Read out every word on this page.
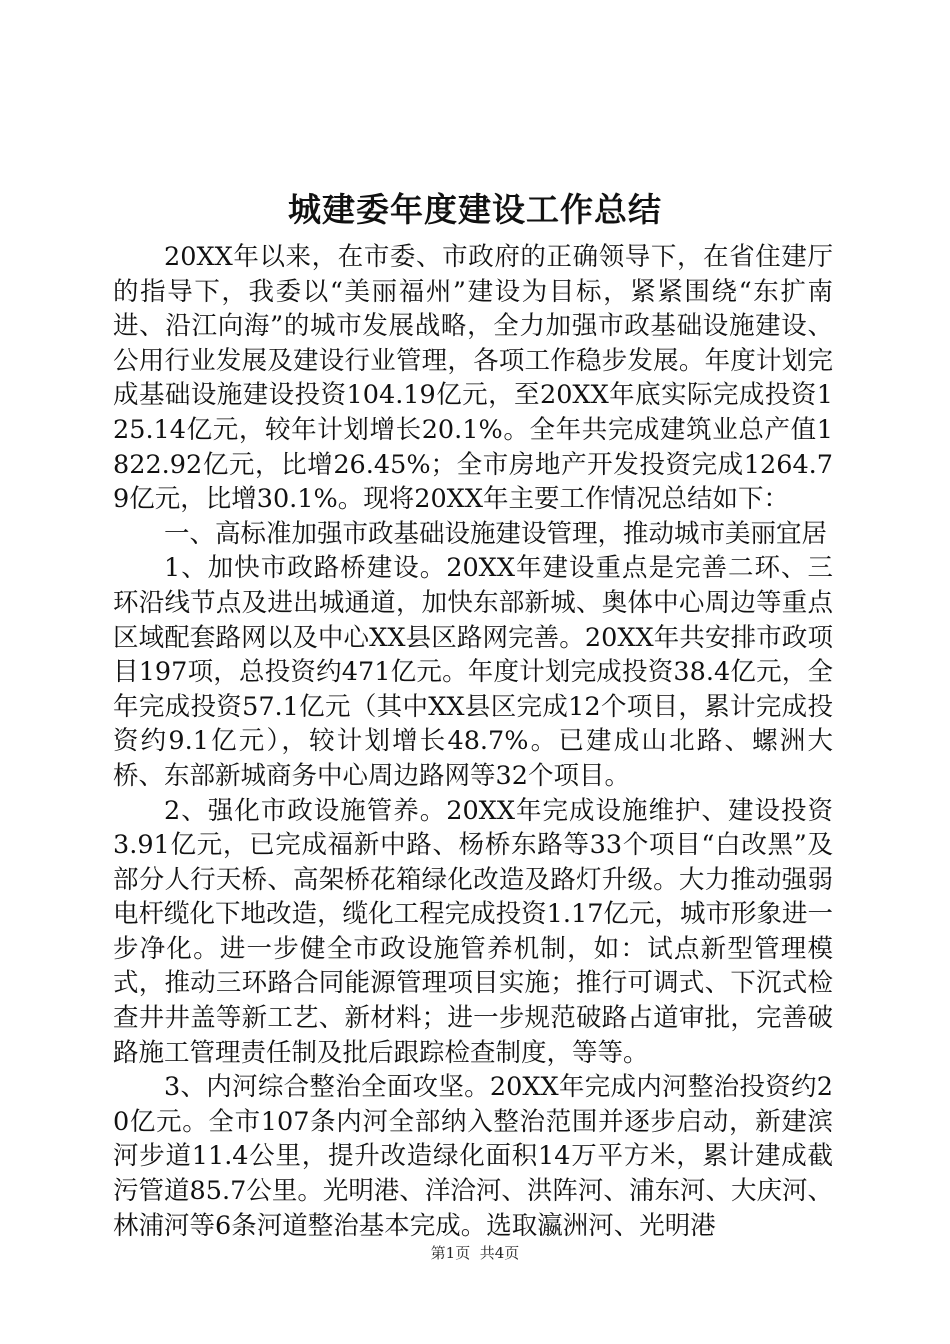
城建委年度建设工作总结

20XX年以来，在市委、市政府的正确领导下，在省住建厅的指导下，我委以“美丽福州”建设为目标，紧紧围绕“东扩南进、沿江向海”的城市发展战略，全力加强市政基础设施建设、公用行业发展及建设行业管理，各项工作稳步发展。年度计划完成基础设施建设投资104.19亿元，至20XX年底实际完成投资125.14亿元，较年计划增长20.1%。全年共完成建筑业总产值1822.92亿元，比增26.45%；全市房地产开发投资完成1264.79亿元，比增30.1%。现将20XX年主要工作情况总结如下：

一、高标准加强市政基础设施建设管理，推动城市美丽宜居

1、加快市政路桥建设。20XX年建设重点是完善二环、三环沿线节点及进出城通道，加快东部新城、奥体中心周边等重点区域配套路网以及中心XX县区路网完善。20XX年共安排市政项目197项，总投资约471亿元。年度计划完成投资38.4亿元，全年完成投资57.1亿元（其中XX县区完成12个项目，累计完成投资约9.1亿元），较计划增长48.7%。已建成山北路、螺洲大桥、东部新城商务中心周边路网等32个项目。

2、强化市政设施管养。20XX年完成设施维护、建设投资3.91亿元，已完成福新中路、杨桥东路等33个项目“白改黑”及部分人行天桥、高架桥花箱绿化改造及路灯升级。大力推动强弱电杆缆化下地改造，缆化工程完成投资1.17亿元，城市形象进一步净化。进一步健全市政设施管养机制，如：试点新型管理模式，推动三环路合同能源管理项目实施；推行可调式、下沉式检查井井盖等新工艺、新材料；进一步规范破路占道审批，完善破路施工管理责任制及批后跟踪检查制度，等等。

3、内河综合整治全面攻坚。20XX年完成内河整治投资约20亿元。全市107条内河全部纳入整治范围并逐步启动，新建滨河步道11.4公里，提升改造绿化面积14万平方米，累计建成截污管道85.7公里。光明港、洋洽河、洪阵河、浦东河、大庆河、林浦河等6条河道整治基本完成。选取瀛洲河、光明港

第1页 共4页
